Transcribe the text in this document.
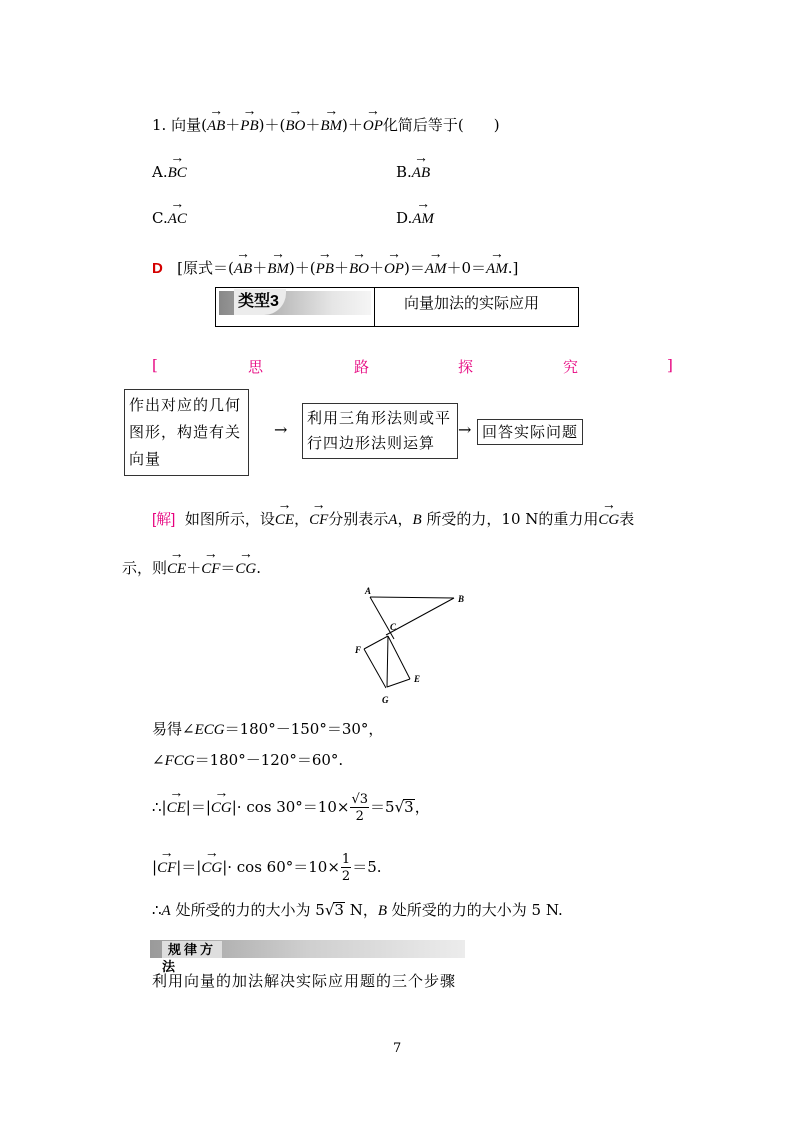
1. 向量(→ AB＋→ PB)＋(→ BO＋→ BM)＋→ OP化简后等于(　　)
A.→ BC	B.→ AB
C.→ AC	D.→ AM
D [原式＝(→ AB＋→ BM)＋(→ PB＋→ BO＋→ OP)＝→ AM＋0＝→ AM.]
类型3	向量加法的实际应用
[	思	路	探	究	]
作出对应的几何图形，构造有关向量
→
利用三角形法则或平行四边形法则运算
→ 回答实际问题
[解] 如图所示，设→ CE，→ CF分别表示A，B 所受的力，10 N的重力用→ CG表
示，则→ CE＋→ CF＝→ CG.
A
B
C
F
E
G
易得∠ECG＝180°－150°＝30°，
∠FCG＝180°－120°＝60°.
∴|→ $CE|=|\to CG|\cdot \cos 30^\circ=10\times \frac{√3}{2} =5√3$，
|→ $CF|=|\to CG|\cdot \cos 60^\circ=10\times \frac{1}{2} =5$.
∴A 处所受的力的大小为 5√3 N，B 处所受的力的大小为 5 N.
规律方法
利用向量的加法解决实际应用题的三个步骤
7
